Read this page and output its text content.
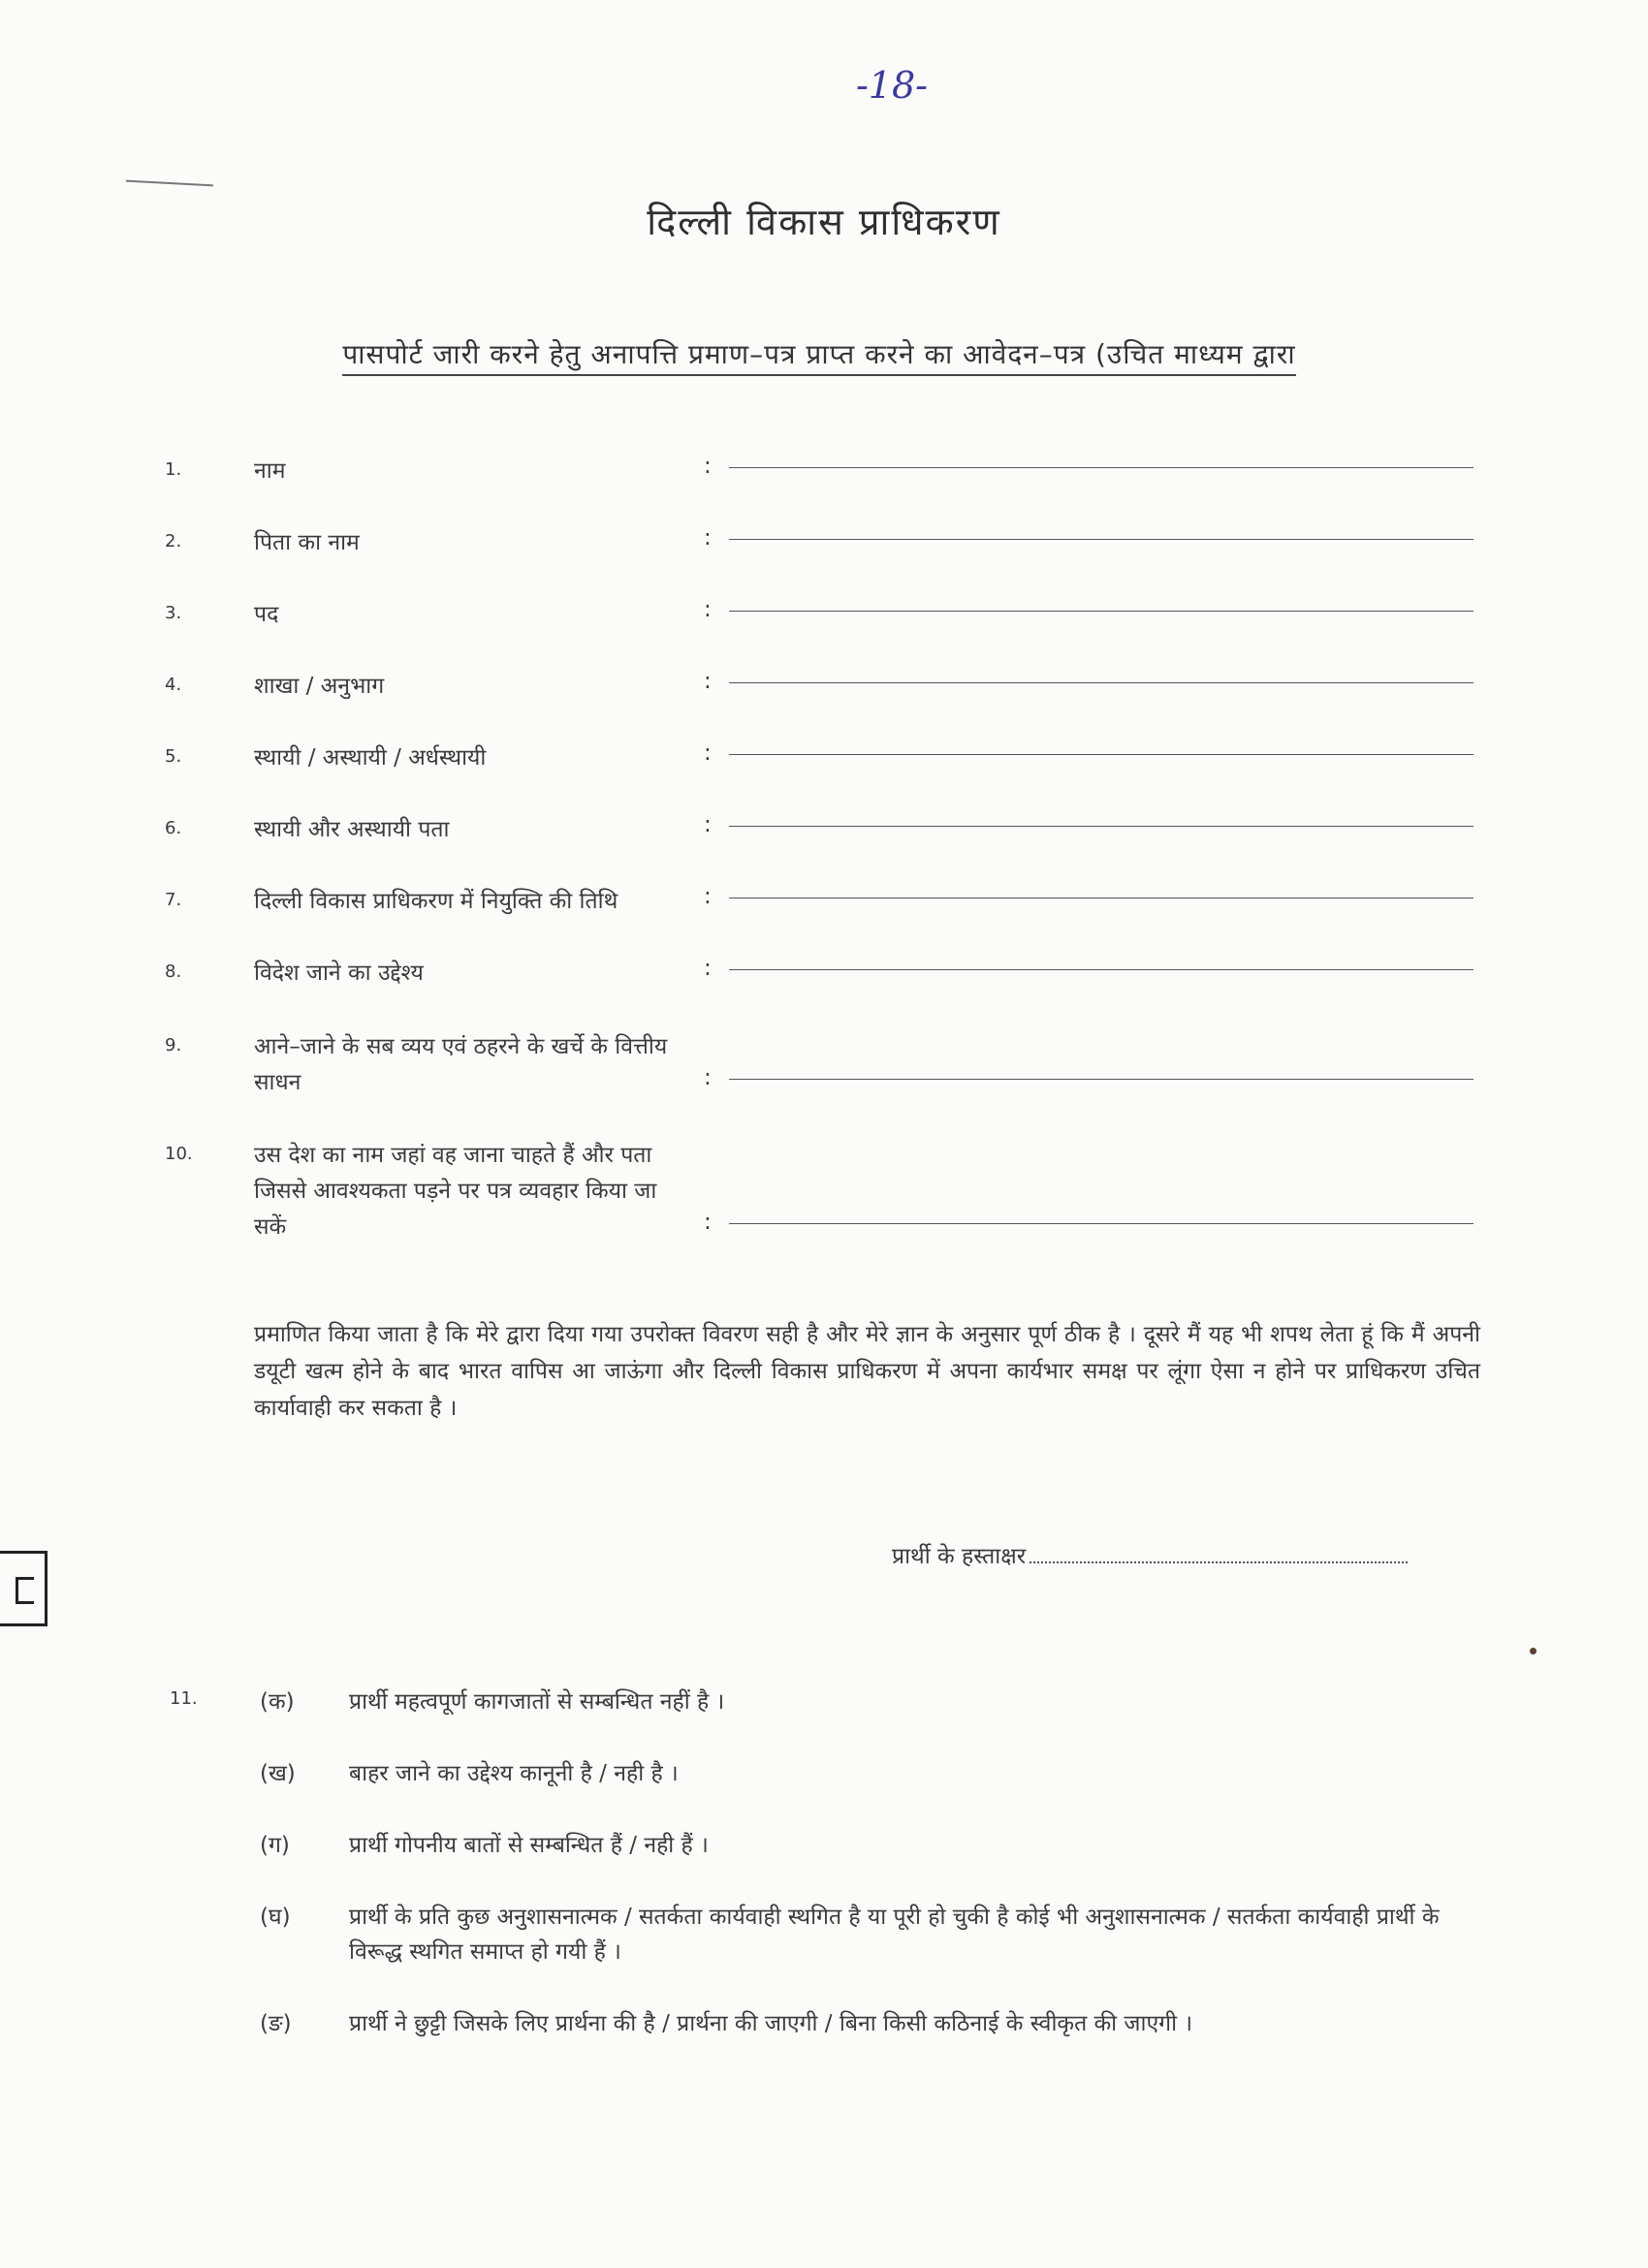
-18-
दिल्ली विकास प्राधिकरण
पासपोर्ट जारी करने हेतु अनापत्ति प्रमाण–पत्र प्राप्त करने का आवेदन–पत्र (उचित माध्यम द्वारा
1.	नाम	:
2.	पिता का नाम	:
3.	पद	:
4.	शाखा / अनुभाग	:
5.	स्थायी / अस्थायी / अर्धस्थायी	:
6.	स्थायी और अस्थायी पता	:
7.	दिल्ली विकास प्राधिकरण में नियुक्ति की तिथि	:
8.	विदेश जाने का उद्देश्य	:
9.	आने–जाने के सब व्यय एवं ठहरने के खर्चे के वित्तीय साधन	:
10.	उस देश का नाम जहां वह जाना चाहते हैं और पता जिससे आवश्यकता पड़ने पर पत्र व्यवहार किया जा सकें	:
प्रमाणित किया जाता है कि मेरे द्वारा दिया गया उपरोक्त विवरण सही है और मेरे ज्ञान के अनुसार पूर्ण ठीक है । दूसरे मैं यह भी शपथ लेता हूं कि मैं अपनी डयूटी खत्म होने के बाद भारत वापिस आ जाऊंगा और दिल्ली विकास प्राधिकरण में अपना कार्यभार समक्ष पर लूंगा ऐसा न होने पर प्राधिकरण उचित कार्यावाही कर सकता है ।
प्रार्थी के हस्ताक्षर
11.	(क) प्रार्थी महत्वपूर्ण कागजातों से सम्बन्धित नहीं है ।
(ख) बाहर जाने का उद्देश्य कानूनी है / नही है ।
(ग)	प्रार्थी गोपनीय बातों से सम्बन्धित हैं / नही हैं ।
(घ)	प्रार्थी के प्रति कुछ अनुशासनात्मक / सतर्कता कार्यवाही स्थगित है या पूरी हो चुकी है कोई भी अनुशासनात्मक / सतर्कता कार्यवाही प्रार्थी के विरूद्ध स्थगित समाप्त हो गयी हैं ।
(ङ)	प्रार्थी ने छुट्टी जिसके लिए प्रार्थना की है / प्रार्थना की जाएगी / बिना किसी कठिनाई के स्वीकृत की जाएगी ।
